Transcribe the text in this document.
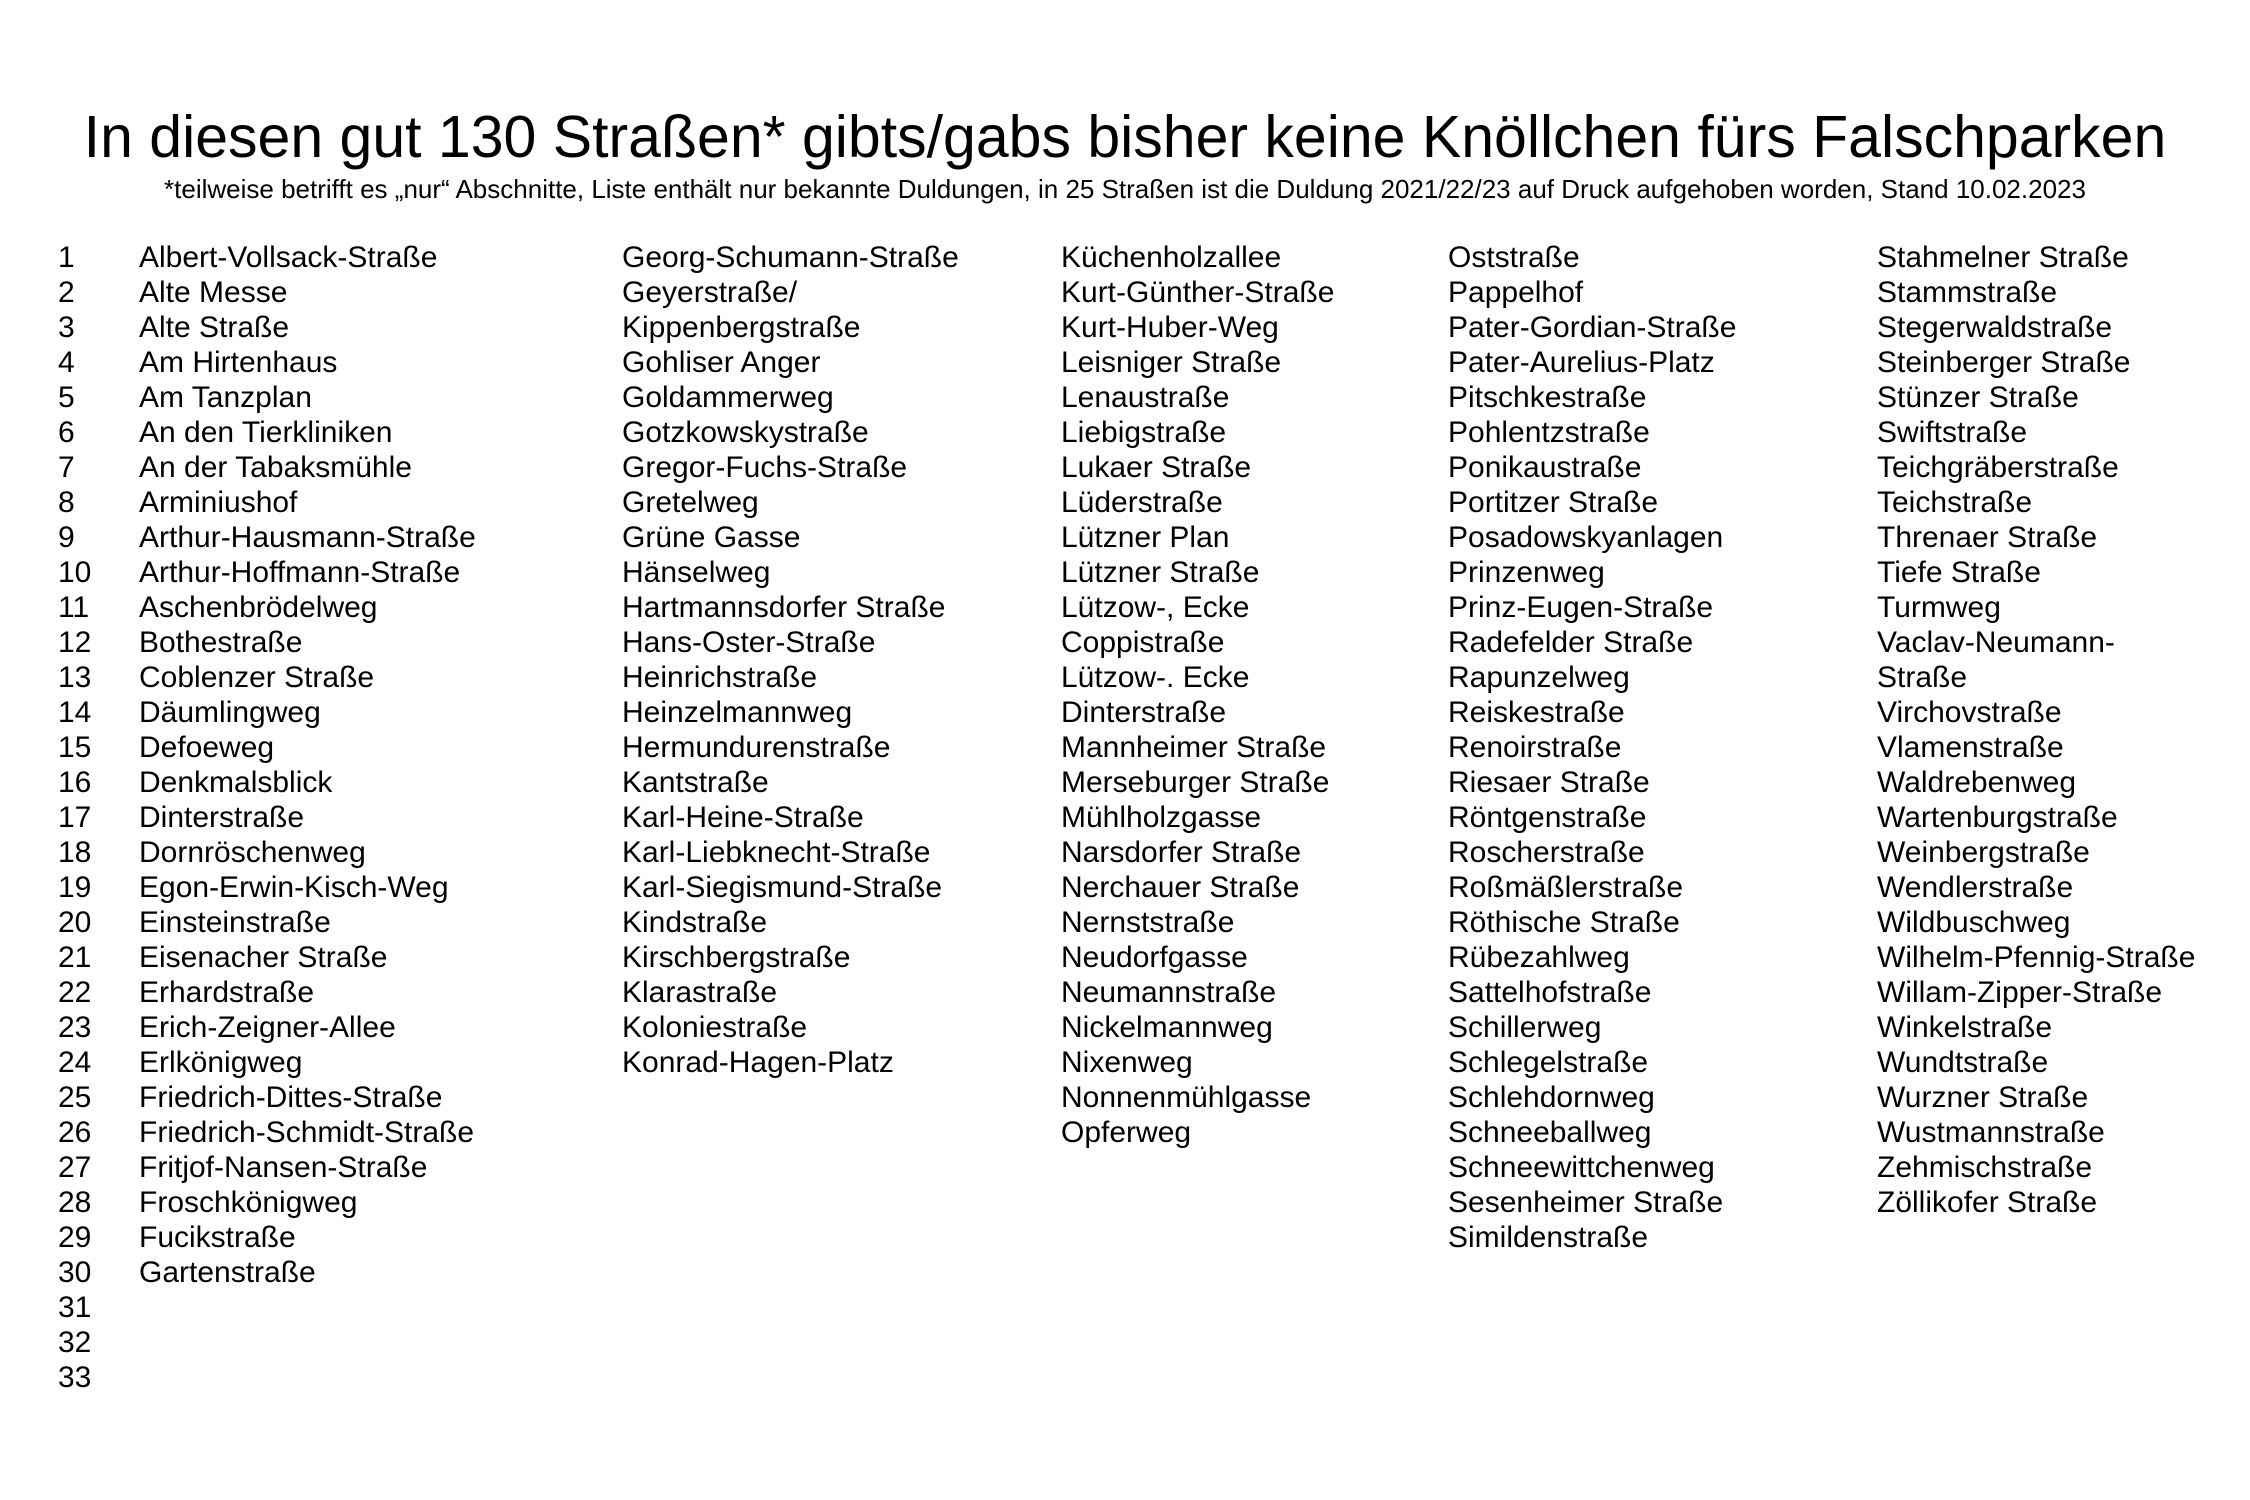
In diesen gut 130 Straßen* gibts/gabs bisher keine Knöllchen fürs Falschparken

*teilweise betrifft es „nur“ Abschnitte, Liste enthält nur bekannte Duldungen, in 25 Straßen ist die Duldung 2021/22/23 auf Druck aufgehoben worden, Stand 10.02.2023

1
2
3
4
5
6
7
8
9
10
11
12
13
14
15
16
17
18
19
20
21
22
23
24
25
26
27
28
29
30
31
32
33
Albert-Vollsack-Straße
Alte Messe
Alte Straße
Am Hirtenhaus
Am Tanzplan
An den Tierkliniken
An der Tabaksmühle
Arminiushof
Arthur-Hausmann-Straße
Arthur-Hoffmann-Straße
Aschenbrödelweg
Bothestraße
Coblenzer Straße
Däumlingweg
Defoeweg
Denkmalsblick
Dinterstraße
Dornröschenweg
Egon-Erwin-Kisch-Weg
Einsteinstraße
Eisenacher Straße
Erhardstraße
Erich-Zeigner-Allee
Erlkönigweg
Friedrich-Dittes-Straße
Friedrich-Schmidt-Straße
Fritjof-Nansen-Straße
Froschkönigweg
Fucikstraße
Gartenstraße
Georg-Schumann-Straße
Geyerstraße/
Kippenbergstraße
Gohliser Anger
Goldammerweg
Gotzkowskystraße
Gregor-Fuchs-Straße
Gretelweg
Grüne Gasse
Hänselweg
Hartmannsdorfer Straße
Hans-Oster-Straße
Heinrichstraße
Heinzelmannweg
Hermundurenstraße
Kantstraße
Karl-Heine-Straße
Karl-Liebknecht-Straße
Karl-Siegismund-Straße
Kindstraße
Kirschbergstraße
Klarastraße
Koloniestraße
Konrad-Hagen-Platz
Küchenholzallee
Kurt-Günther-Straße
Kurt-Huber-Weg
Leisniger Straße
Lenaustraße
Liebigstraße
Lukaer Straße
Lüderstraße
Lützner Plan
Lützner Straße
Lützow-, Ecke
Coppistraße
Lützow-. Ecke
Dinterstraße
Mannheimer Straße
Merseburger Straße
Mühlholzgasse
Narsdorfer Straße
Nerchauer Straße
Nernststraße
Neudorfgasse
Neumannstraße
Nickelmannweg
Nixenweg
Nonnenmühlgasse
Opferweg
Oststraße
Pappelhof
Pater-Gordian-Straße
Pater-Aurelius-Platz
Pitschkestraße
Pohlentzstraße
Ponikaustraße
Portitzer Straße
Posadowskyanlagen
Prinzenweg
Prinz-Eugen-Straße
Radefelder Straße
Rapunzelweg
Reiskestraße
Renoirstraße
Riesaer Straße
Röntgenstraße
Roscherstraße
Roßmäßlerstraße
Röthische Straße
Rübezahlweg
Sattelhofstraße
Schillerweg
Schlegelstraße
Schlehdornweg
Schneeballweg
Schneewittchenweg
Sesenheimer Straße
Simildenstraße
Stahmelner Straße
Stammstraße
Stegerwaldstraße
Steinberger Straße
Stünzer Straße
Swiftstraße
Teichgräberstraße
Teichstraße
Threnaer Straße
Tiefe Straße
Turmweg
Vaclav-Neumann-
Straße
Virchovstraße
Vlamenstraße
Waldrebenweg
Wartenburgstraße
Weinbergstraße
Wendlerstraße
Wildbuschweg
Wilhelm-Pfennig-Straße
Willam-Zipper-Straße
Winkelstraße
Wundtstraße
Wurzner Straße
Wustmannstraße
Zehmischstraße
Zöllikofer Straße
